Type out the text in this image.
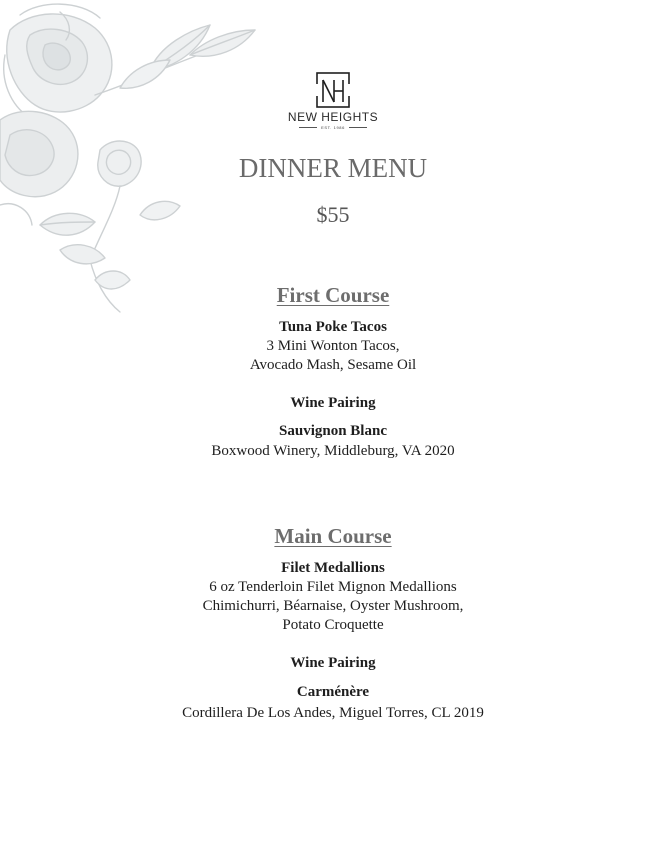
NEW HEIGHTS
EST. 1986
DINNER MENU
$55
First Course
Tuna Poke Tacos
3 Mini Wonton Tacos,
Avocado Mash, Sesame Oil
Wine Pairing
Sauvignon Blanc
Boxwood Winery, Middleburg, VA 2020
Main Course
Filet Medallions
6 oz Tenderloin Filet Mignon Medallions
Chimichurri, Béarnaise, Oyster Mushroom,
Potato Croquette
Wine Pairing
Carménère
Cordillera De Los Andes, Miguel Torres, CL 2019
